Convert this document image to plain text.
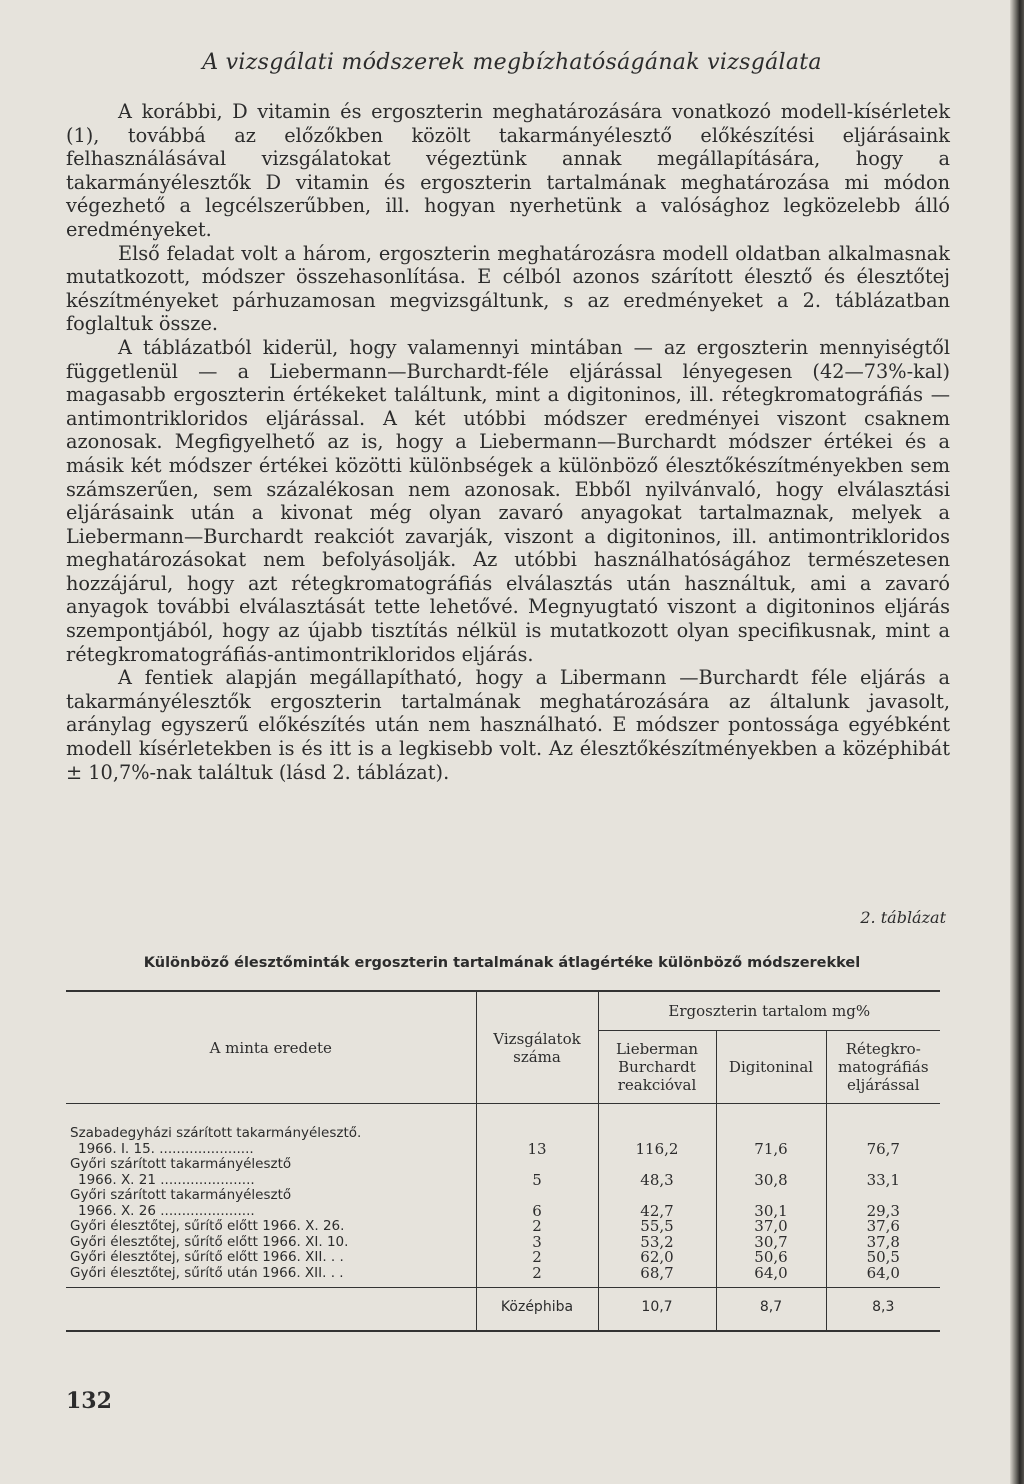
A vizsgálati módszerek megbízhatóságának vizsgálata

A korábbi, D vitamin és ergoszterin meghatározására vonatkozó modell-kísérletek (1), továbbá az előzőkben közölt takarmányélesztő előkészítési eljárásaink felhasználásával vizsgálatokat végeztünk annak megállapítására, hogy a takarmányélesztők D vitamin és ergoszterin tartalmának meghatározása mi módon végezhető a legcélszerűbben, ill. hogyan nyerhetünk a valósághoz legközelebb álló eredményeket.

Első feladat volt a három, ergoszterin meghatározásra modell oldatban alkalmasnak mutatkozott, módszer összehasonlítása. E célból azonos szárított élesztő és élesztőtej készítményeket párhuzamosan megvizsgáltunk, s az eredményeket a 2. táblázatban foglaltuk össze.

A táblázatból kiderül, hogy valamennyi mintában — az ergoszterin mennyiségtől függetlenül — a Liebermann—Burchardt-féle eljárással lényegesen (42—73%-kal) magasabb ergoszterin értékeket találtunk, mint a digitoninos, ill. rétegkromatográfiás — antimontrikloridos eljárással. A két utóbbi módszer eredményei viszont csaknem azonosak. Megfigyelhető az is, hogy a Liebermann—Burchardt módszer értékei és a másik két módszer értékei közötti különbségek a különböző élesztőkészítményekben sem számszerűen, sem százalékosan nem azonosak. Ebből nyilvánvaló, hogy elválasztási eljárásaink után a kivonat még olyan zavaró anyagokat tartalmaznak, melyek a Liebermann—Burchardt reakciót zavarják, viszont a digitoninos, ill. antimontrikloridos meghatározásokat nem befolyásolják. Az utóbbi használhatóságához természetesen hozzájárul, hogy azt rétegkromatográfiás elválasztás után használtuk, ami a zavaró anyagok további elválasztását tette lehetővé. Megnyugtató viszont a digitoninos eljárás szempontjából, hogy az újabb tisztítás nélkül is mutatkozott olyan specifikusnak, mint a rétegkromatográfiás-antimontrikloridos eljárás.

A fentiek alapján megállapítható, hogy a Libermann —Burchardt féle eljárás a takarmányélesztők ergoszterin tartalmának meghatározására az általunk javasolt, aránylag egyszerű előkészítés után nem használható. E módszer pontossága egyébként modell kísérletekben is és itt is a legkisebb volt. Az élesztőkészítményekben a középhibát ± 10,7%-nak találtuk (lásd 2. táblázat).

2. táblázat
Különböző élesztőminták ergoszterin tartalmának átlagértéke különböző módszerekkel
A minta eredete	Vizsgálatok száma	Ergoszterin tartalom mg%		
		Lieberman Burchardt reakcióval	Digitoninal	Rétegkro-matográfiás eljárással

Szabadegyházi szárított takarmányélesztő.
1966. I. 15. ......................	13	116,2	71,6	76,7

Győri szárított takarmányélesztő
1966. X. 21 ......................	5	48,3	30,8	33,1

Győri szárított takarmányélesztő
1966. X. 26 ......................	6	42,7	30,1	29,3

Győri élesztőtej, sűrítő előtt 1966. X. 26.	2	55,5	37,0	37,6

Győri élesztőtej, sűrítő előtt 1966. XI. 10.	3	53,2	30,7	37,8

Győri élesztőtej, sűrítő előtt 1966. XII. . .	2	62,0	50,6	50,5

Győri élesztőtej, sűrítő után 1966. XII. . .	2	68,7	64,0	64,0
	Középhiba	10,7	8,7	8,3
132
